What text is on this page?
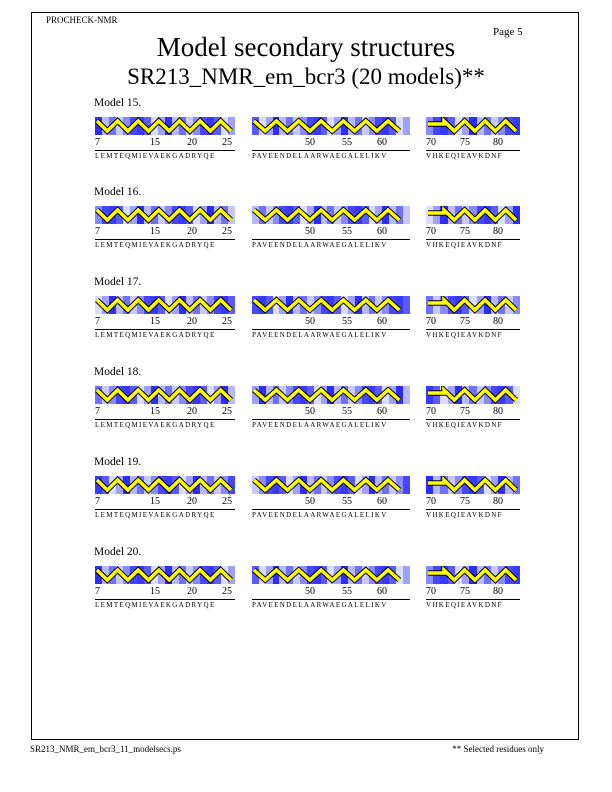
PROCHECK-NMR
Page 5
Model secondary structures
SR213_NMR_em_bcr3 (20 models)**
Model 15.
7	15	20	25
LEMTEQMIEVAEKGADRYQE
50	55	60
PAVEENDELAARWAEGALELIKV
70 75 80
VHKEQIEAVKDNF
Model 16.
7	15	20	25
LEMTEQMIEVAEKGADRYQE
50	55	60
PAVEENDELAARWAEGALELIKV
70 75 80
VHKEQIEAVKDNF
Model 17.
7	15	20	25
LEMTEQMIEVAEKGADRYQE
50	55	60
PAVEENDELAARWAEGALELIKV
70 75 80
VHKEQIEAVKDNF
Model 18.
7	15	20	25
LEMTEQMIEVAEKGADRYQE
50	55	60
PAVEENDELAARWAEGALELIKV
70 75 80
VHKEQIEAVKDNF
Model 19.
7	15	20	25
LEMTEQMIEVAEKGADRYQE
50	55	60
PAVEENDELAARWAEGALELIKV
70 75 80
VHKEQIEAVKDNF
Model 20.
7	15	20	25
LEMTEQMIEVAEKGADRYQE
50	55	60
PAVEENDELAARWAEGALELIKV
70 75 80
VHKEQIEAVKDNF
SR213_NMR_em_bcr3_11_modelsecs.ps	** Selected residues only
